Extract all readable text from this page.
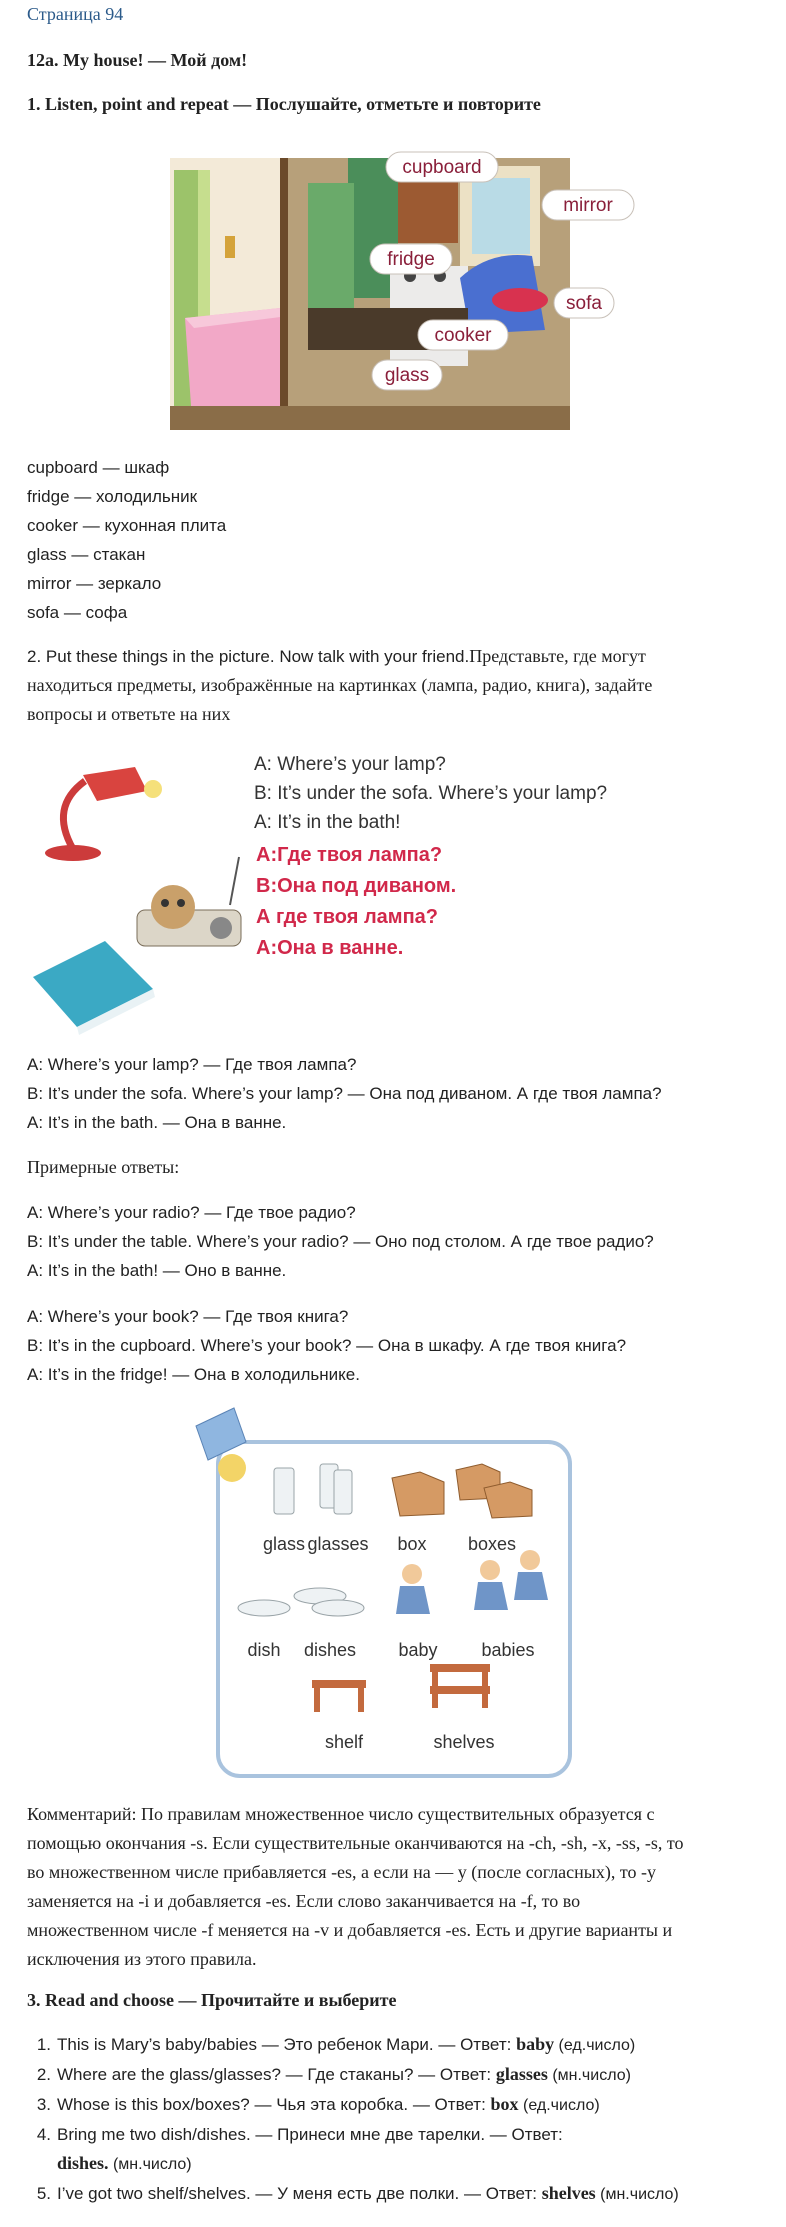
Страница 94
12a. My house! — Мой дом!
1. Listen, point and repeat — Послушайте, отметьте и повторите
cupboard
mirror
fridge
sofa
cooker
glass
cupboard — шкаф
fridge — холодильник
cooker — кухонная плита
glass — стакан
mirror — зеркало
sofa — софа
2. Put these things in the picture. Now talk with your friend.Представьте, где могут
находиться предметы, изображённые на картинках (лампа, радио, книга), задайте
вопросы и ответьте на них
A: Where’s your lamp?
B: It’s under the sofa. Where’s your lamp?
A: It’s in the bath!
A:Где твоя лампа?
B:Она под диваном.
А где твоя лампа?
A:Она в ванне.
A: Where’s your lamp? — Где твоя лампа?
B: It’s under the sofa. Where’s your lamp? — Она под диваном. А где твоя лампа?
A: It’s in the bath. — Она в ванне.
Примерные ответы:
A: Where’s your radio? — Где твое радио?
B: It’s under the table. Where’s your radio? — Оно под столом. А где твое радио?
A: It’s in the bath! — Оно в ванне.
A: Where’s your book? — Где твоя книга?
B: It’s in the cupboard. Where’s your book? — Она в шкафу. А где твоя книга?
A: It’s in the fridge! — Она в холодильнике.
glass glasses box boxes
dish dishes baby babies
shelf	shelves
Комментарий: По правилам множественное число существительных образуется с
помощью окончания -s. Если существительные оканчиваются на -ch, -sh, -x, -ss, -s, то
во множественном числе прибавляется -es, а если на — у (после согласных), то -у
заменяется на -i и добавляется -es. Если слово заканчивается на -f, то во
множественном числе -f меняется на -v и добавляется -es. Есть и другие варианты и
исключения из этого правила.
3. Read and choose — Прочитайте и выберите
1. This is Mary’s baby/babies — Это ребенок Мари. — Ответ: baby (ед.число)
2. Where are the glass/glasses? — Где стаканы? — Ответ: glasses (мн.число)
3. Whose is this box/boxes? — Чья эта коробка. — Ответ: box (ед.число)
4. Bring me two dish/dishes. — Принеси мне две тарелки. — Ответ:
dishes. (мн.число)
5. I’ve got two shelf/shelves. — У меня есть две полки. — Ответ: shelves (мн.число)
